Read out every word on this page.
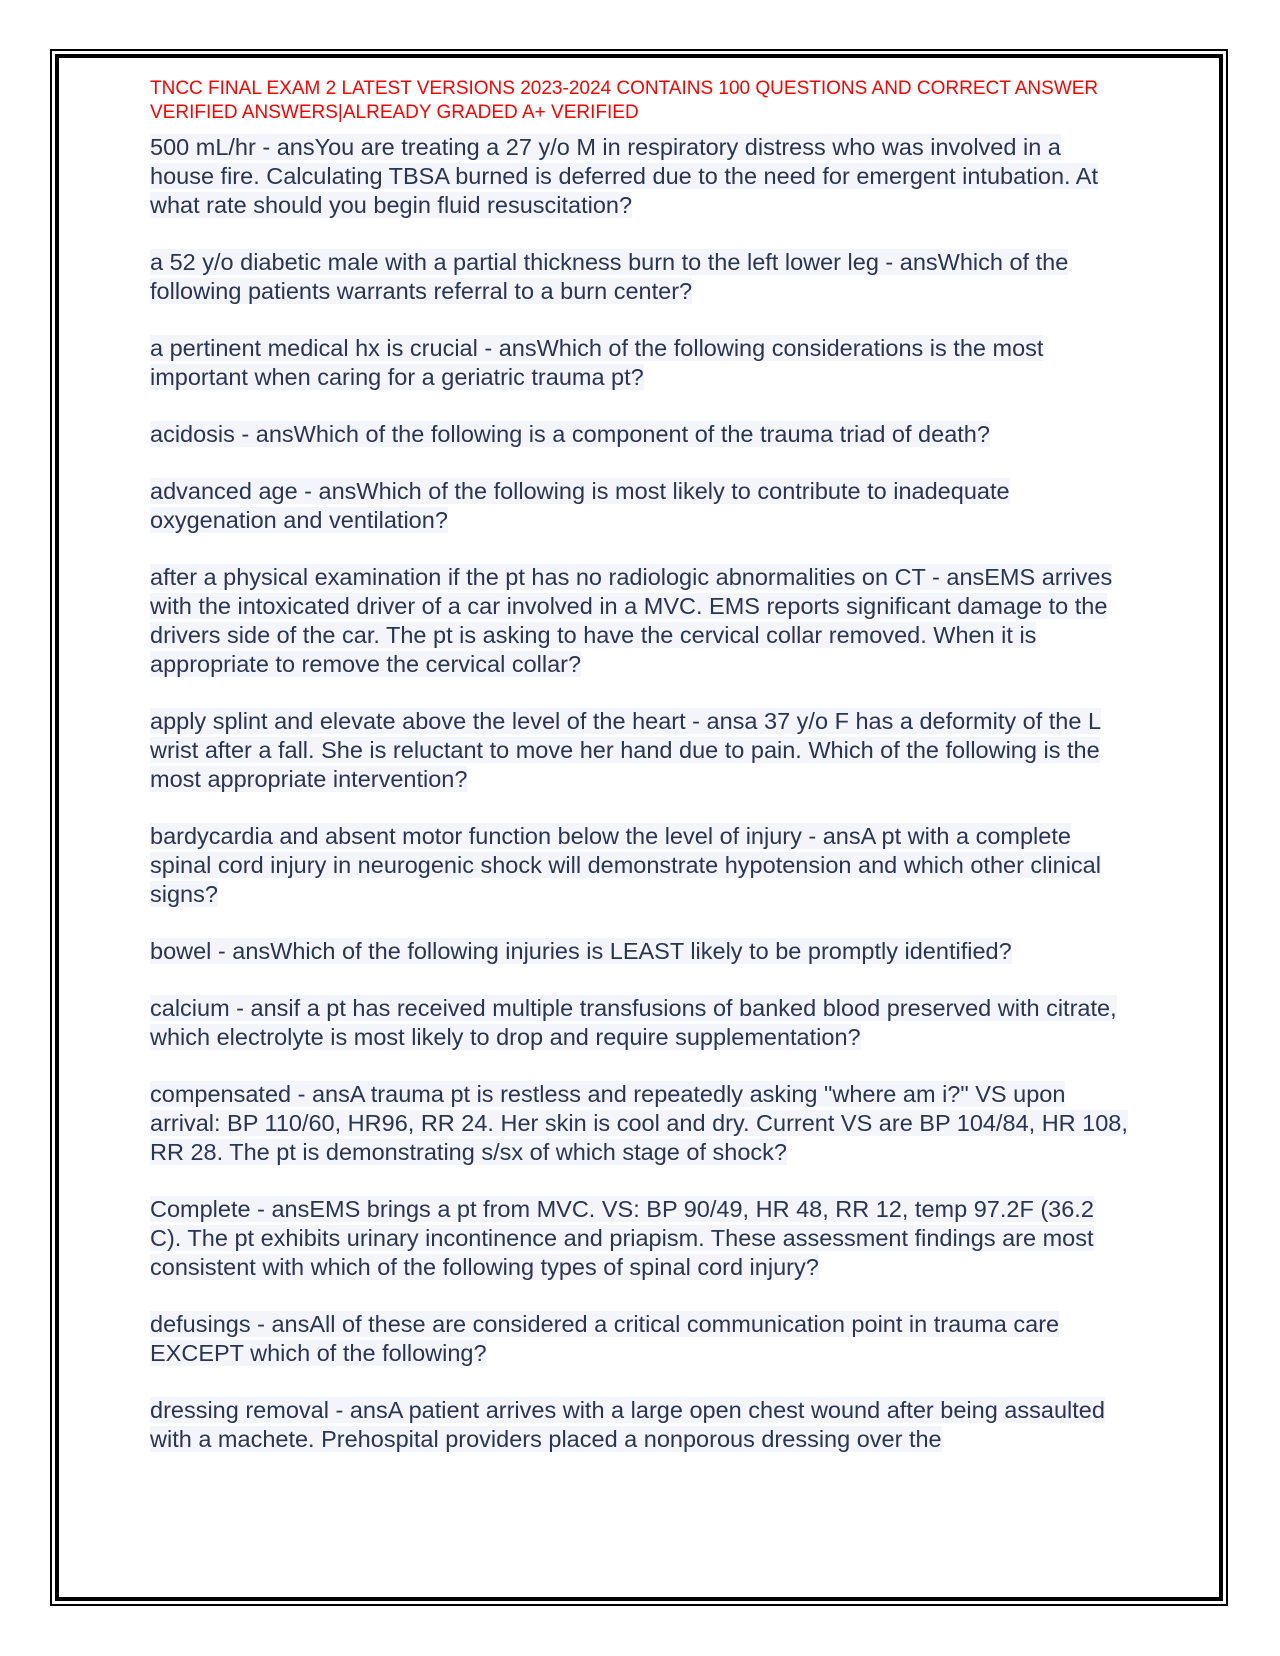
TNCC FINAL EXAM 2 LATEST VERSIONS 2023-2024 CONTAINS 100 QUESTIONS AND CORRECT ANSWER VERIFIED ANSWERS|ALREADY GRADED A+ VERIFIED
500 mL/hr - ansYou are treating a 27 y/o M in respiratory distress who was involved in a house fire. Calculating TBSA burned is deferred due to the need for emergent intubation. At what rate should you begin fluid resuscitation?
a 52 y/o diabetic male with a partial thickness burn to the left lower leg - ansWhich of the following patients warrants referral to a burn center?
a pertinent medical hx is crucial - ansWhich of the following considerations is the most important when caring for a geriatric trauma pt?
acidosis - ansWhich of the following is a component of the trauma triad of death?
advanced age - ansWhich of the following is most likely to contribute to inadequate oxygenation and ventilation?
after a physical examination if the pt has no radiologic abnormalities on CT - ansEMS arrives with the intoxicated driver of a car involved in a MVC. EMS reports significant damage to the drivers side of the car. The pt is asking to have the cervical collar removed. When it is appropriate to remove the cervical collar?
apply splint and elevate above the level of the heart - ansa 37 y/o F has a deformity of the L wrist after a fall. She is reluctant to move her hand due to pain. Which of the following is the most appropriate intervention?
bardycardia and absent motor function below the level of injury - ansA pt with a complete spinal cord injury in neurogenic shock will demonstrate hypotension and which other clinical signs?
bowel - ansWhich of the following injuries is LEAST likely to be promptly identified?
calcium - ansif a pt has received multiple transfusions of banked blood preserved with citrate, which electrolyte is most likely to drop and require supplementation?
compensated - ansA trauma pt is restless and repeatedly asking "where am i?" VS upon arrival: BP 110/60, HR96, RR 24. Her skin is cool and dry. Current VS are BP 104/84, HR 108, RR 28. The pt is demonstrating s/sx of which stage of shock?
Complete - ansEMS brings a pt from MVC. VS: BP 90/49, HR 48, RR 12, temp 97.2F (36.2 C). The pt exhibits urinary incontinence and priapism. These assessment findings are most consistent with which of the following types of spinal cord injury?
defusings - ansAll of these are considered a critical communication point in trauma care EXCEPT which of the following?
dressing removal - ansA patient arrives with a large open chest wound after being assaulted with a machete. Prehospital providers placed a nonporous dressing over the
